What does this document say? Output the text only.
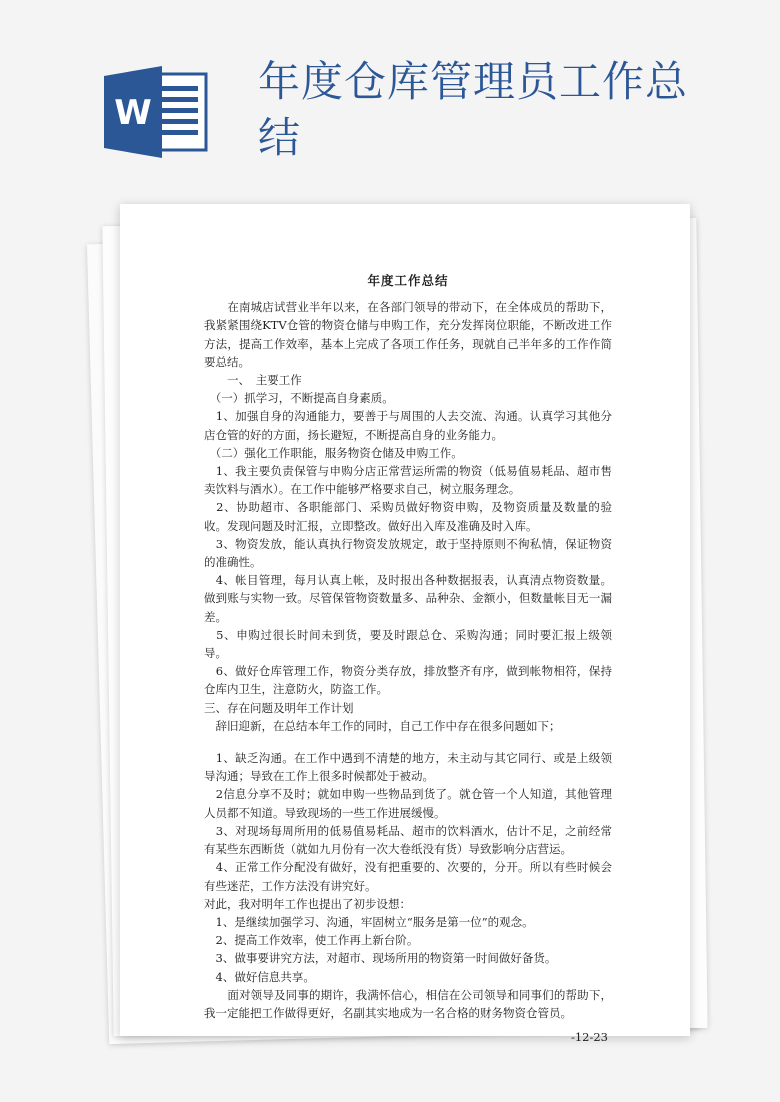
W
年度仓库管理员工作总结
年度工作总结

　　在南城店试营业半年以来，在各部门领导的带动下，在全体成员的帮助下，我紧紧围绕KTV仓管的物资仓储与申购工作，充分发挥岗位职能，不断改进工作方法，提高工作效率，基本上完成了各项工作任务，现就自己半年多的工作作简要总结。

　　一、　主要工作

　（一）抓学习，不断提高自身素质。

　1、加强自身的沟通能力，要善于与周围的人去交流、沟通。认真学习其他分店仓管的好的方面，扬长避短，不断提高自身的业务能力。

　（二）强化工作职能，服务物资仓储及申购工作。

　1、我主要负责保管与申购分店正常营运所需的物资（低易值易耗品、超市售卖饮料与酒水）。在工作中能够严格要求自己，树立服务理念。

　2、协助超市、各职能部门、采购员做好物资申购，及物资质量及数量的验收。发现问题及时汇报，立即整改。做好出入库及准确及时入库。

　3、物资发放，能认真执行物资发放规定，敢于坚持原则不徇私情，保证物资的准确性。

　4、帐目管理，每月认真上帐，及时报出各种数据报表，认真清点物资数量。做到账与实物一致。尽管保管物资数量多、品种杂、金额小，但数量帐目无一漏差。

　5、申购过很长时间未到货，要及时跟总仓、采购沟通；同时要汇报上级领导。

　6、做好仓库管理工作，物资分类存放，排放整齐有序，做到帐物相符，保持仓库内卫生，注意防火，防盗工作。

三、存在问题及明年工作计划

　辞旧迎新，在总结本年工作的同时，自己工作中存在很多问题如下；

　1、缺乏沟通。在工作中遇到不清楚的地方，未主动与其它同行、或是上级领导沟通；导致在工作上很多时候都处于被动。

　2信息分享不及时；就如申购一些物品到货了。就仓管一个人知道，其他管理人员都不知道。导致现场的一些工作进展缓慢。

　3、对现场每周所用的低易值易耗品、超市的饮料酒水，估计不足，之前经常有某些东西断货（就如九月份有一次大卷纸没有货）导致影响分店营运。

　4、正常工作分配没有做好，没有把重要的、次要的，分开。所以有些时候会有些迷茫，工作方法没有讲究好。

对此，我对明年工作也提出了初步设想：

　1、是继续加强学习、沟通，牢固树立“服务是第一位”的观念。

　2、提高工作效率，使工作再上新台阶。

　3、做事要讲究方法，对超市、现场所用的物资第一时间做好备货。

　4、做好信息共享。

　　面对领导及同事的期许，我满怀信心，相信在公司领导和同事们的帮助下，我一定能把工作做得更好，名副其实地成为一名合格的财务物资仓管员。

-12-23
